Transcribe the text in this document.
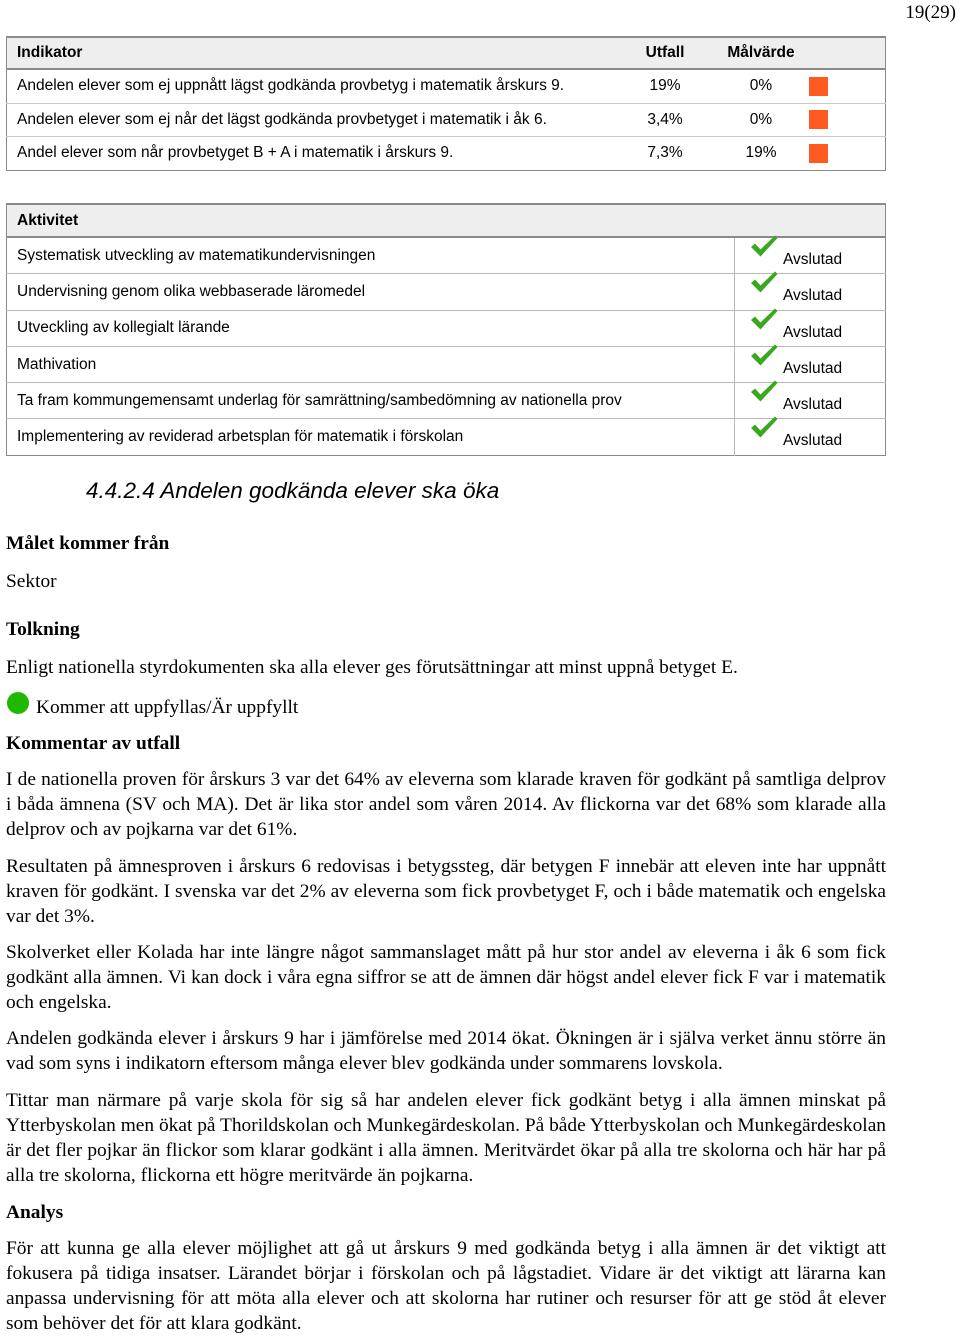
19(29)
Indikator	Utfall	Målvärde	
Andelen elever som ej uppnått lägst godkända provbetyg i matematik årskurs 9.	19%	0%	
Andelen elever som ej når det lägst godkända provbetyget i matematik i åk 6.	3,4%	0%	
Andel elever som når provbetyget B + A i matematik i årskurs 9.	7,3%	19%	
Aktivitet	
Systematisk utveckling av matematikundervisningen	Avslutad

Undervisning genom olika webbaserade läromedel	Avslutad

Utveckling av kollegialt lärande	Avslutad

Mathivation	Avslutad

Ta fram kommungemensamt underlag för samrättning/sambedömning av nationella prov	Avslutad

Implementering av reviderad arbetsplan för matematik i förskolan	Avslutad
4.4.2.4 Andelen godkända elever ska öka
Målet kommer från
Sektor
Tolkning
Enligt nationella styrdokumenten ska alla elever ges förutsättningar att minst uppnå betyget E.
Kommer att uppfyllas/Är uppfyllt
Kommentar av utfall
I de nationella proven för årskurs 3 var det 64% av eleverna som klarade kraven för godkänt på samtliga delprov i båda ämnena (SV och MA). Det är lika stor andel som våren 2014. Av flickorna var det 68% som klarade alla delprov och av pojkarna var det 61%.
Resultaten på ämnesproven i årskurs 6 redovisas i betygssteg, där betygen F innebär att eleven inte har uppnått kraven för godkänt. I svenska var det 2% av eleverna som fick provbetyget F, och i både matematik och engelska var det 3%.
Skolverket eller Kolada har inte längre något sammanslaget mått på hur stor andel av eleverna i åk 6 som fick godkänt alla ämnen. Vi kan dock i våra egna siffror se att de ämnen där högst andel elever fick F var i matematik och engelska.
Andelen godkända elever i årskurs 9 har i jämförelse med 2014 ökat. Ökningen är i själva verket ännu större än vad som syns i indikatorn eftersom många elever blev godkända under sommarens lovskola.
Tittar man närmare på varje skola för sig så har andelen elever fick godkänt betyg i alla ämnen minskat på Ytterbyskolan men ökat på Thorildskolan och Munkegärdeskolan. På både Ytterbyskolan och Munkegärdeskolan är det fler pojkar än flickor som klarar godkänt i alla ämnen. Meritvärdet ökar på alla tre skolorna och här har på alla tre skolorna, flickorna ett högre meritvärde än pojkarna.
Analys
För att kunna ge alla elever möjlighet att gå ut årskurs 9 med godkända betyg i alla ämnen är det viktigt att fokusera på tidiga insatser. Lärandet börjar i förskolan och på lågstadiet. Vidare är det viktigt att lärarna kan anpassa undervisning för att möta alla elever och att skolorna har rutiner och resurser för att ge stöd åt elever som behöver det för att klara godkänt.
